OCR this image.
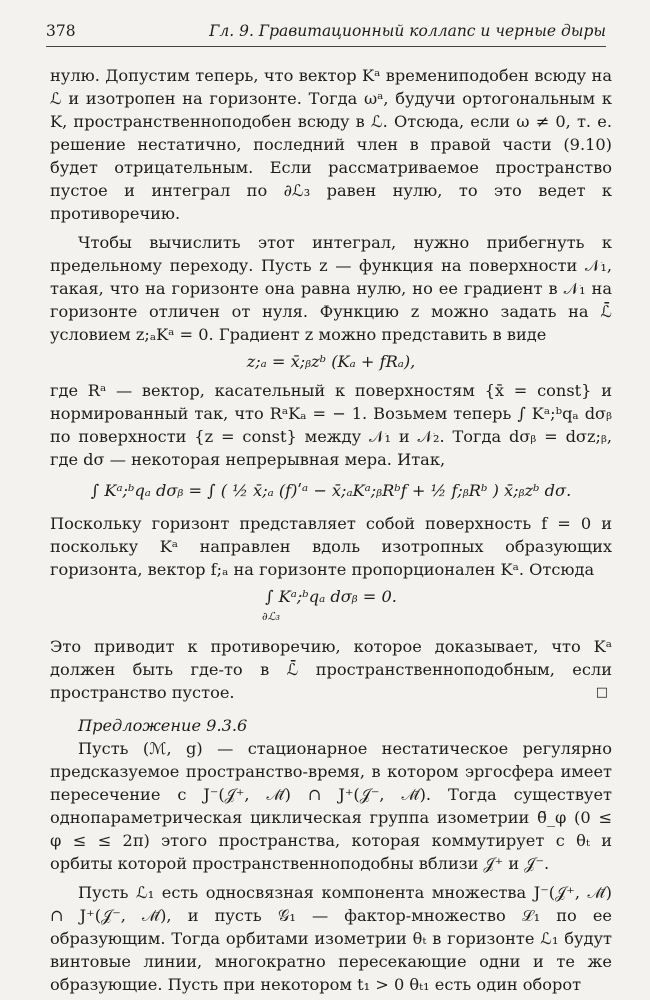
378	Гл. 9. Гравитационный коллапс и черные дыры

нулю. Допустим теперь, что вектор Kᵃ времениподобен всюду на ℒ и изотропен на горизонте. Тогда ωᵃ, будучи ортогональным к K, пространственноподобен всюду в ℒ. Отсюда, если ω ≠ 0, т. е. решение нестатично, последний член в правой части (9.10) будет отрицательным. Если рассматриваемое пространство пустое и интеграл по ∂ℒ₃ равен нулю, то это ведет к противоречию.

Чтобы вычислить этот интеграл, нужно прибегнуть к предельному переходу. Пусть z — функция на поверхности 𝒩₁, такая, что на горизонте она равна нулю, но ее градиент в 𝒩₁ на горизонте отличен от нуля. Функцию z можно задать на ℒ̄ условием z;ₐKᵃ = 0. Градиент z можно представить в виде

z;ₐ = x̄;ᵦzᵇ (Kₐ + fRₐ),

где Rᵃ — вектор, касательный к поверхностям {x̄ = const} и нормированный так, что RᵃKₐ = − 1. Возьмем теперь ∫ Kᵃ;ᵇqₐ dσᵦ по поверхности {z = const} между 𝒩₁ и 𝒩₂. Тогда dσᵦ = dσz;ᵦ, где dσ — некоторая непрерывная мера. Итак,

∫ Kᵃ;ᵇqₐ dσᵦ = ∫ ( ½ x̄;ₐ (f)ʹᵃ − x̄;ₐKᵃ;ᵦRᵇf + ½ f;ᵦRᵇ ) x̄;ᵦzᵇ dσ.

Поскольку горизонт представляет собой поверхность f = 0 и поскольку Kᵃ направлен вдоль изотропных образующих горизонта, вектор f;ₐ на горизонте пропорционален Kᵃ. Отсюда

∫ Kᵃ;ᵇqₐ dσᵦ = 0.
∂ℒ₃

Это приводит к противоречию, которое доказывает, что Kᵃ должен быть где-то в ℒ̄ пространственноподобным, если пространство пустое.	□
Предложение 9.3.6

Пусть (ℳ, g) — стационарное нестатическое регулярно предсказуемое пространство-время, в котором эргосфера имеет пересечение с J⁻(𝒥⁺, ℳ̄) ∩ J⁺(𝒥⁻, ℳ̄). Тогда существует однопараметрическая циклическая группа изометрии θ̃_φ (0 ≤ φ ≤ ≤ 2π) этого пространства, которая коммутирует с θₜ и орбиты которой пространственноподобны вблизи 𝒥⁺ и 𝒥⁻.

Пусть ℒ₁ есть односвязная компонента множества J⁻(𝒥⁺, ℳ̄) ∩ J⁺(𝒥⁻, ℳ̄), и пусть 𝒢₁ — фактор-множество ℒ₁ по ее образующим. Тогда орбитами изометрии θₜ в горизонте ℒ₁ будут винтовые линии, многократно пересекающие одни и те же образующие. Пусть при некотором t₁ > 0 θₜ₁ есть один оборот
